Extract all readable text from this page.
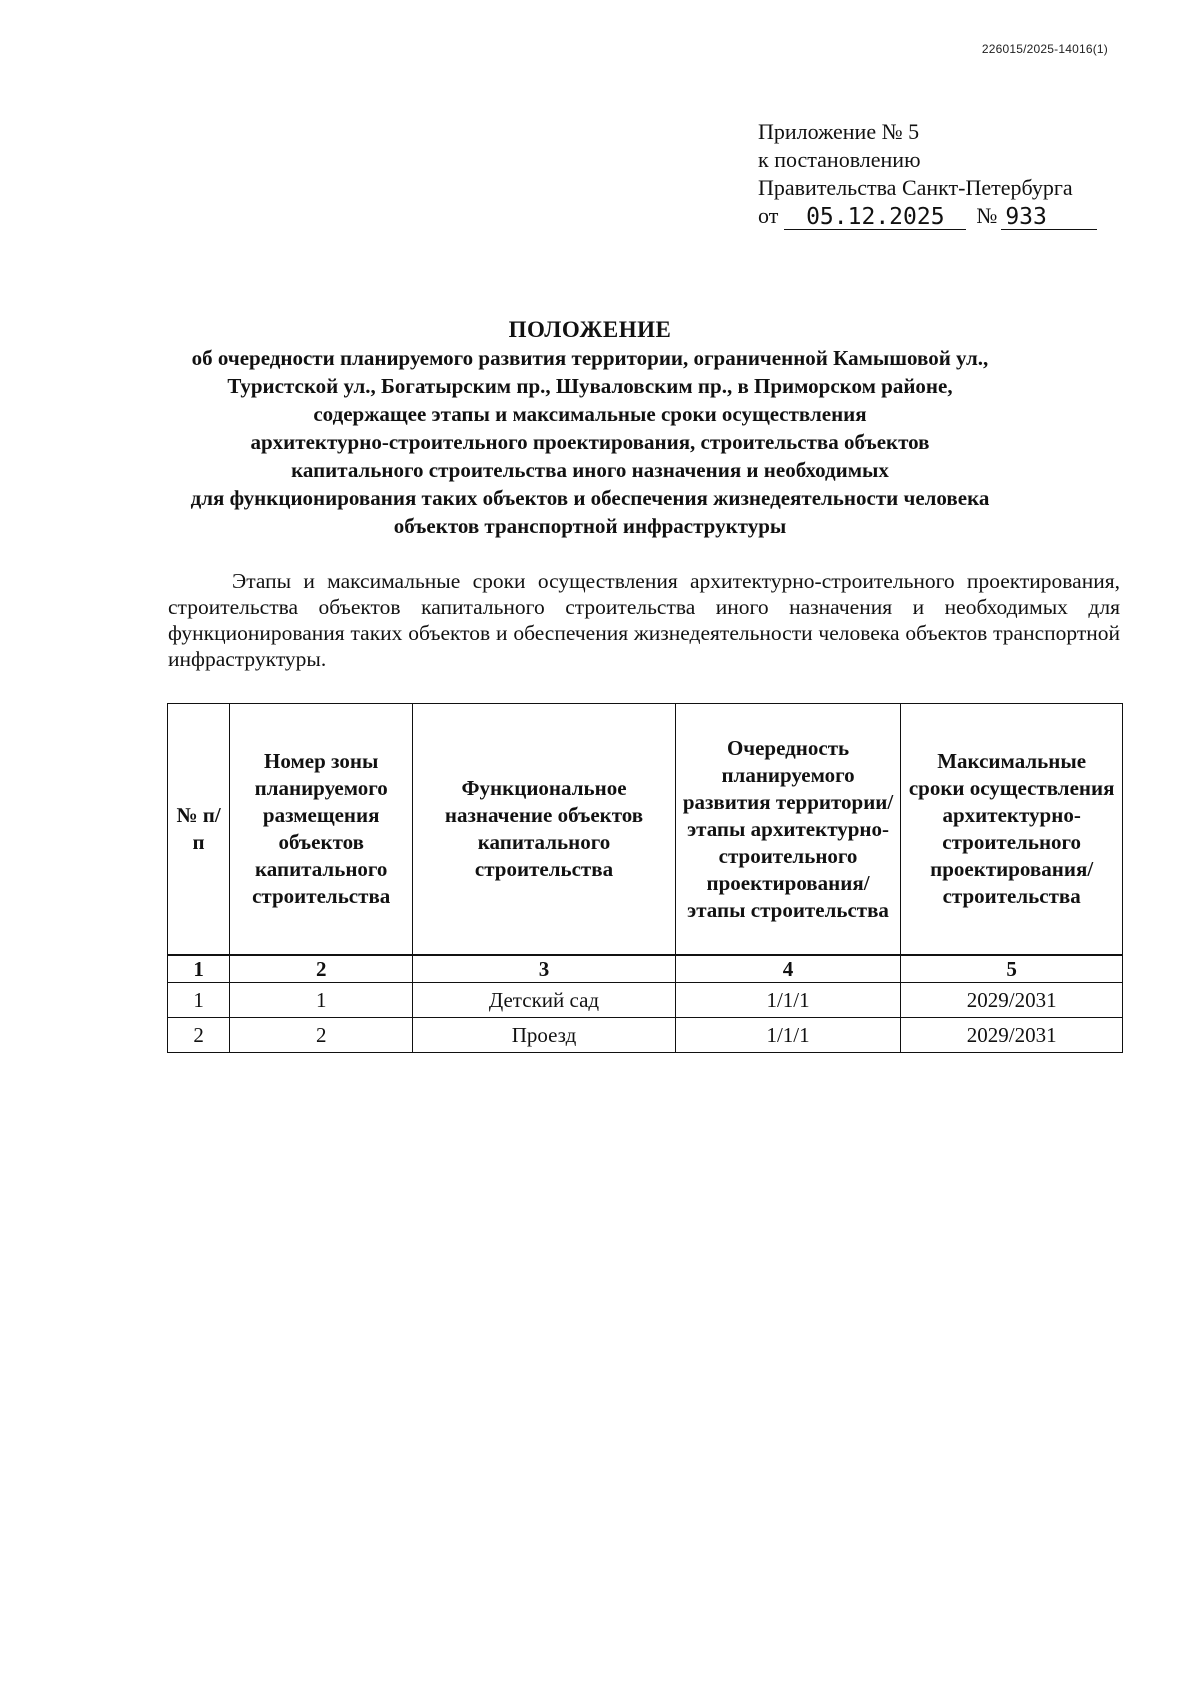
226015/2025-14016(1)
Приложение № 5
к постановлению
Правительства Санкт-Петербурга
от	05.12.2025	№ 933
ПОЛОЖЕНИЕ
об очередности планируемого развития территории, ограниченной Камышовой ул.,
Туристской ул., Богатырским пр., Шуваловским пр., в Приморском районе,
содержащее этапы и максимальные сроки осуществления
архитектурно-строительного проектирования, строительства объектов
капитального строительства иного назначения и необходимых
для функционирования таких объектов и обеспечения жизнедеятельности человека
объектов транспортной инфраструктуры
Этапы и максимальные сроки осуществления архитектурно-строительного проектирования, строительства объектов капитального строительства иного назначения и необходимых для функционирования таких объектов и обеспечения жизнедеятельности человека объектов транспортной инфраструктуры.
№ п/п	Номер зоны планируемого размещения объектов капитального строительства	Функциональное назначение объектов капитального строительства	Очередность планируемого развития территории/этапы архитектурно-строительного проектирования/ этапы строительства	Максимальные сроки осуществления архитектурно-строительного проектирования/ строительства
1	2	3	4	5
1	1	Детский сад	1/1/1	2029/2031
2	2	Проезд	1/1/1	2029/2031
